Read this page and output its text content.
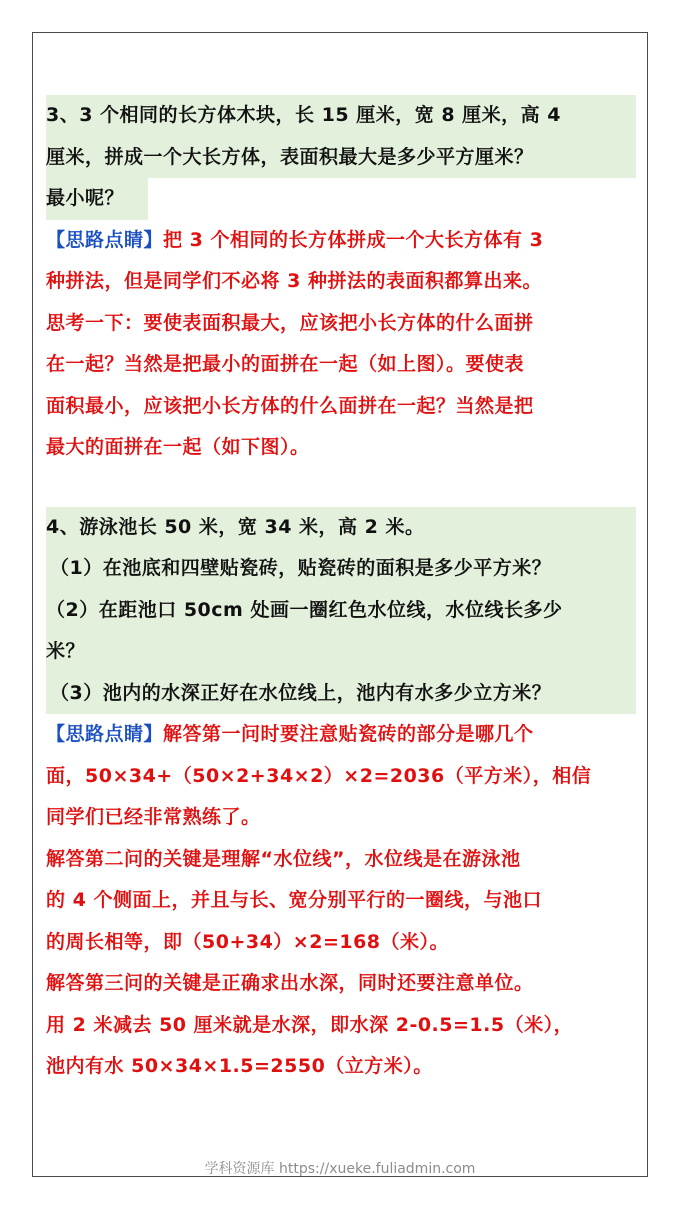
3、3 个相同的长方体木块，长 15 厘米，宽 8 厘米，高 4
厘米，拼成一个大长方体，表面积最大是多少平方厘米？
最小呢？
【思路点睛】把 3 个相同的长方体拼成一个大长方体有 3
种拼法，但是同学们不必将 3 种拼法的表面积都算出来。
思考一下：要使表面积最大，应该把小长方体的什么面拼
在一起？当然是把最小的面拼在一起（如上图）。要使表
面积最小，应该把小长方体的什么面拼在一起？当然是把
最大的面拼在一起（如下图）。
4、游泳池长 50 米，宽 34 米，高 2 米。
（1）在池底和四壁贴瓷砖，贴瓷砖的面积是多少平方米？
（2）在距池口 50cm 处画一圈红色水位线，水位线长多少
米？
（3）池内的水深正好在水位线上，池内有水多少立方米？
【思路点睛】解答第一问时要注意贴瓷砖的部分是哪几个
面，50×34+（50×2+34×2）×2=2036（平方米），相信
同学们已经非常熟练了。
解答第二问的关键是理解“水位线”，水位线是在游泳池
的 4 个侧面上，并且与长、宽分别平行的一圈线，与池口
的周长相等，即（50+34）×2=168（米）。
解答第三问的关键是正确求出水深，同时还要注意单位。
用 2 米减去 50 厘米就是水深，即水深 2-0.5=1.5（米），
池内有水 50×34×1.5=2550（立方米）。
学科资源库 https://xueke.fuliadmin.com
